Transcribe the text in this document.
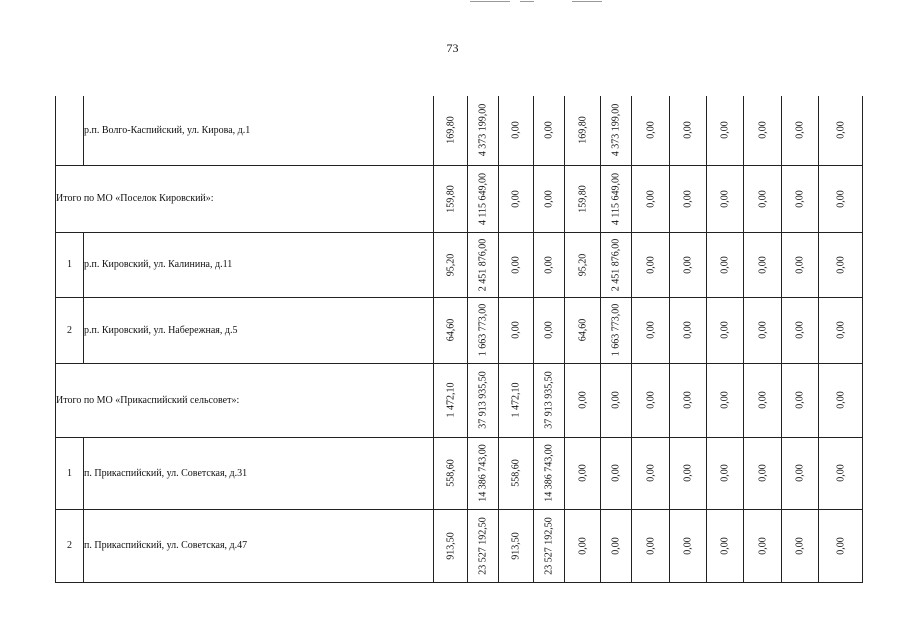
73
	р.п. Волго-Каспийский, ул. Кирова, д.1	169,80	4 373 199,00	0,00	0,00	169,80	4 373 199,00	0,00	0,00	0,00	0,00	0,00	0,00

Итого по МО «Поселок Кировский»:		159,80	4 115 649,00	0,00	0,00	159,80	4 115 649,00	0,00	0,00	0,00	0,00	0,00	0,00

1	р.п. Кировский, ул. Калинина, д.11	95,20	2 451 876,00	0,00	0,00	95,20	2 451 876,00	0,00	0,00	0,00	0,00	0,00	0,00

2	р.п. Кировский, ул. Набережная, д.5	64,60	1 663 773,00	0,00	0,00	64,60	1 663 773,00	0,00	0,00	0,00	0,00	0,00	0,00

Итого по МО «Прикаспийский сельсовет»:		1 472,10	37 913 935,50	1 472,10	37 913 935,50	0,00	0,00	0,00	0,00	0,00	0,00	0,00	0,00

1	п. Прикаспийский, ул. Советская, д.31	558,60	14 386 743,00	558,60	14 386 743,00	0,00	0,00	0,00	0,00	0,00	0,00	0,00	0,00

2	п. Прикаспийский, ул. Советская, д.47	913,50	23 527 192,50	913,50	23 527 192,50	0,00	0,00	0,00	0,00	0,00	0,00	0,00	0,00
